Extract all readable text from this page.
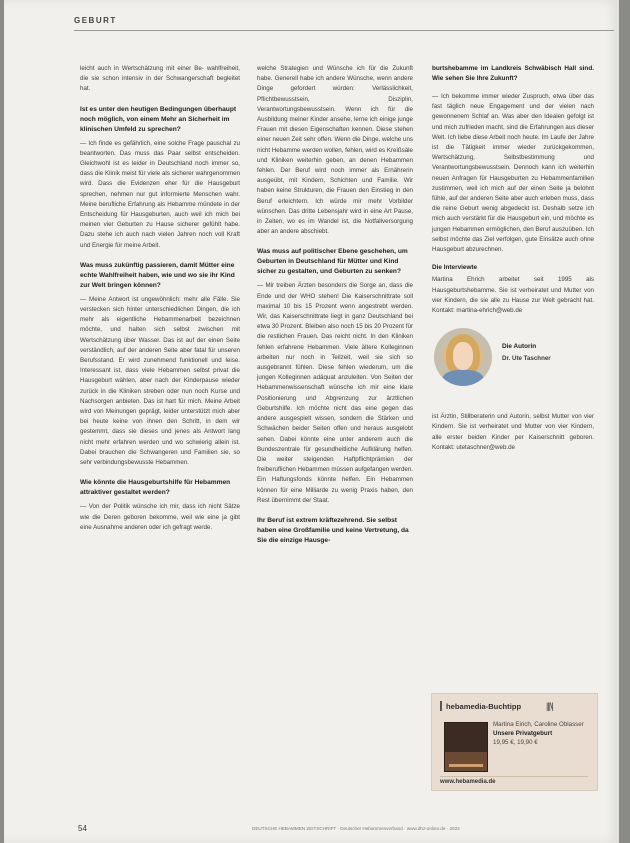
GEBURT

leicht auch in Wertschätzung mit einer Be- wahlfreiheit, die sie schon intensiv in der Schwangerschaft begleitet hat.

Ist es unter den heutigen Bedingungen überhaupt noch möglich, von einem Mehr an Sicherheit im klinischen Umfeld zu sprechen?

— Ich finde es gefährlich, eine solche Frage pauschal zu beantworten. Das muss das Paar selbst entscheiden. Gleichwohl ist es leider in Deutschland noch immer so, dass die Klinik meist für viele als sicherer wahrgenommen wird. Dass die Evidenzen eher für die Hausgeburt sprechen, nehmen nur gut informierte Menschen wahr. Meine berufliche Erfahrung als Hebamme mündete in der Entscheidung für Hausgeburten, auch weil ich mich bei meinen vier Geburten zu Hause sicherer gefühlt habe. Dazu stehe ich auch nach vielen Jahren noch voll Kraft und Energie für meine Arbeit.

Was muss zukünftig passieren, damit Mütter eine echte Wahlfreiheit haben, wie und wo sie ihr Kind zur Welt bringen können?

— Meine Antwort ist ungewöhnlich: mehr alle Fälle. Sie verstecken sich hinter unterschiedlichen Dingen, die ich mehr als eigentliche Hebammenarbeit bezeichnen möchte, und halten sich selbst zwischen mit Wertschätzung über Wasser. Das ist auf der einen Seite verständlich, auf der anderen Seite aber fatal für unseren Berufsstand. Er wird zunehmend funktionell und leise. Interessant ist, dass viele Hebammen selbst privat die Hausgeburt wählen, aber nach der Kinderpause wieder zurück in die Kliniken streben oder nun noch Kurse und Nachsorgen anbieten. Das ist hart für mich. Meine Arbeit wird von Meinungen geprägt, leider unterstützt mich aber bei heute keine von ihnen den Schritt, in dem wir gestemmt, dass sie dieses und jenes als Antwort lang nicht mehr erfahren werden und wo schwierig allein ist. Dabei brauchen die Schwangeren und Familien sie, so sehr verbindungsbewusste Hebammen.

Wie könnte die Hausgeburtshilfe für Hebammen attraktiver gestaltet werden?

— Von der Politik wünsche ich mir, dass ich nicht Sätze wie die Deren geboren bekomme, weil wie eine ja gibt eine Ausnahme anderen oder ich gefragt werde.

welche Strategien und Wünsche ich für die Zukunft habe. Generell habe ich andere Wünsche, wenn andere Dinge gefordert würden: Verlässlichkeit, Pflichtbewusstsein, Disziplin, Verantwortungsbewusstsein. Wenn ich für die Ausbildung meiner Kinder ansehe, lerne ich einige junge Frauen mit diesen Eigenschaften kennen. Diese stehen einer neuen Zeit sehr offen. Wenn die Dinge, welche uns nicht Hebamme werden wollen, fehlen, wird es Kreißsäle und Kliniken weiterhin geben, an denen Hebammen fehlen. Der Beruf wird noch immer als Ernährerin ausgeübt, mit Kindern, Schichten und Familie. Wir haben keine Strukturen, die Frauen den Einstieg in den Beruf erleichtern. Ich würde mir mehr Vorbilder wünschen. Das dritte Lebensjahr wird in eine Art Pause, in Zeiten, wo es im Wandel ist, die Notfallversorgung aber an andere abschiebt.

Was muss auf politischer Ebene geschehen, um Geburten in Deutschland für Mütter und Kind sicher zu gestalten, und Geburten zu senken?

— Mir treiben Ärzten besonders die Sorge an, dass die Ende und der WHO stehen! Die Kaiserschnittrate soll maximal 10 bis 15 Prozent wenn angestrebt werden. Wir, das Kaiserschnittrate liegt in ganz Deutschland bei etwa 30 Prozent. Bleiben also noch 15 bis 20 Prozent für die restlichen Frauen. Das reicht nicht. In den Kliniken fehlen erfahrene Hebammen. Viele ältere Kolleginnen arbeiten nur noch in Teilzeit, weil sie sich so ausgebrannt fühlen. Diese fehlen wiederum, um die jungen Kolleginnen adäquat anzuleiten. Von Seiten der Hebammenwissenschaft wünsche ich mir eine klare Positionierung und Abgrenzung zur ärztlichen Geburtshilfe. Ich möchte nicht das eine gegen das andere ausgespielt wissen, sondern die Stärken und Schwächen beider Seiten offen und heraus ausgelobt sehen. Dabei könnte eine unter anderem auch die Bundeszentrale für gesundheitliche Aufklärung helfen. Die weiter steigenden Haftpflichtprämien der freiberuflichen Hebammen müssen aufgefangen werden. Ein Haftungsfonds könnte helfen. Ein Hebammen können für eine Milliarde zu wenig Praxis haben, den Rest übernimmt der Staat.

Ihr Beruf ist extrem kräftezehrend. Sie selbst haben eine Großfamilie und keine Vertretung, da Sie die einzige Hausge-

burtshebamme im Landkreis Schwäbisch Hall sind. Wie sehen Sie Ihre Zukunft?

— Ich bekomme immer wieder Zuspruch, etwa über das fast täglich neue Engagement und der vielen nach gewonnenem Schlaf an. Was aber den Idealen gefolgt ist und mich zufrieden macht, sind die Erfahrungen aus dieser Welt. Ich liebe diese Arbeit noch heute. Im Laufe der Jahre ist die Tätigkeit immer wieder zurückgekommen, Wertschätzung, Selbstbestimmung und Verantwortungsbewusstsein. Dennoch kann ich weiterhin neuen Anfragen für Hausgeburten zu Hebammenfamilien zustimmen, weil ich mich auf der einen Seite ja belohnt fühle, auf der anderen Seite aber auch erleben muss, dass die reine Geburt wenig abgedeckt ist. Deshalb setze ich mich auch verstärkt für die Hausgeburt ein, und möchte es jungen Hebammen ermöglichen, den Beruf auszuüben. Ich selbst möchte das Ziel verfolgen, gute Einsätze auch ohne Hausgeburt abzurechnen.

Die Interviewte

Martina Ehrich arbeitet seit 1995 als Hausgeburtshebamme. Sie ist verheiratet und Mutter von vier Kindern, die sie alle zu Hause zur Welt gebracht hat. Kontakt: martina-ehrich@web.de

Die Autorin
Dr. Ute Taschner

ist Ärztin, Stillberaterin und Autorin, selbst Mutter von vier Kindern. Sie ist verheiratet und Mutter von vier Kindern, alle erster beiden Kinder per Kaiserschnitt geboren. Kontakt: utetaschner@web.de

hebamedia-Buchtipp	|||\|
Martina Eirich, Caroline Oblasser
Unsere Privatgeburt
19,95 €, 19,90 €
www.hebamedia.de
54	DEUTSCHE HEBAMMEN ZEITSCHRIFT · Deutscher Hebammenverband · www.dhz-online.de · 2022
